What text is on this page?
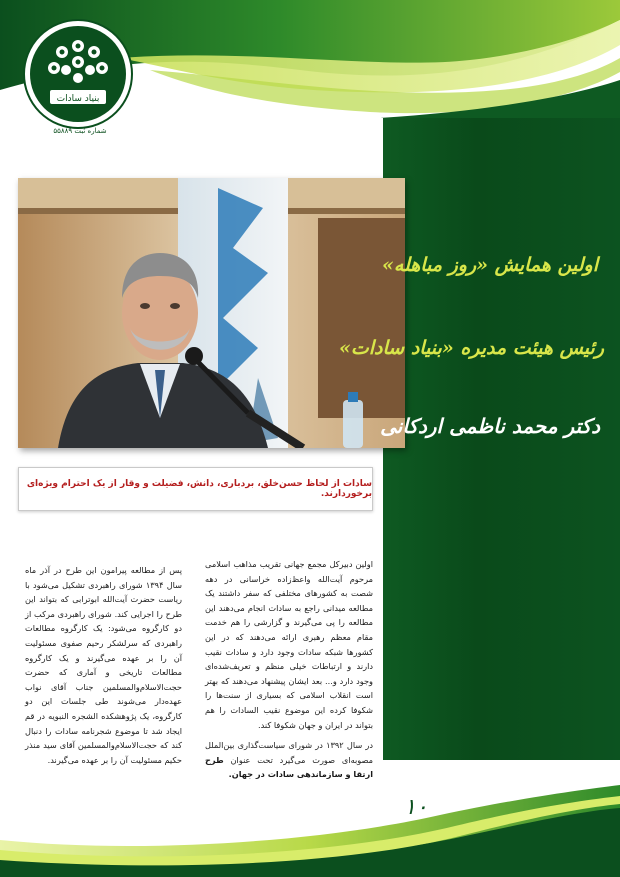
بنیاد سادات
شماره ثبت ۵۵۸۸۹
اولین همایش «روز مباهله»
رئیس هیئت مدیره «بنیاد سادات»
دکتر محمد ناظمی اردکانی
سادات از لحاظ حسن‌خلق، بردباری، دانش، فضیلت و وقار از یک احترام ویژه‌ای برخوردارند.

اولین دبیرکل مجمع جهانی تقریب مذاهب اسلامی مرحوم آیت‌الله واعظ‌زاده خراسانی در دهه شصت به کشورهای مختلفی که سفر داشتند یک مطالعه میدانی راجع به سادات انجام می‌دهند این مطالعه را پی می‌گیرند و گزارشی را هم خدمت مقام معظم رهبری ارائه می‌دهند که در این کشورها شبکه سادات وجود دارد و سادات نقیب دارند و ارتباطات خیلی منظم و تعریف‌شده‌ای وجود دارد و... بعد ایشان پیشنهاد می‌دهند که بهتر است انقلاب اسلامی که بسیاری از سنت‌ها را شکوفا کرده این موضوع نقیب السادات را هم بتواند در ایران و جهان شکوفا کند.

در سال ۱۳۹۲ در شورای سیاست‌گذاری بین‌الملل مصوبه‌ای صورت می‌گیرد تحت عنوان طرح ارتقا و سازماندهی سادات در جهان.

پس از مطالعه پیرامون این طرح در آذر ماه سال ۱۳۹۴ شورای راهبردی تشکیل می‌شود با ریاست حضرت آیت‌الله ابوترابی که بتواند این طرح را اجرایی کند. شورای راهبردی مرکب از دو کارگروه می‌شود: یک کارگروه مطالعات راهبردی که سرلشکر رحیم صفوی مسئولیت آن را بر عهده می‌گیرند و یک کارگروه مطالعات تاریخی و آماری که حضرت حجت‌الاسلام‌والمسلمین جناب آقای نواب عهده‌دار می‌شوند طی جلسات این دو کارگروه، یک پژوهشکده الشجره النبویه در قم ایجاد شد تا موضوع شجرنامه سادات را دنبال کند که حجت‌الاسلام‌والمسلمین آقای سید منذر حکیم مسئولیت آن را بر عهده می‌گیرند.

۱۰
